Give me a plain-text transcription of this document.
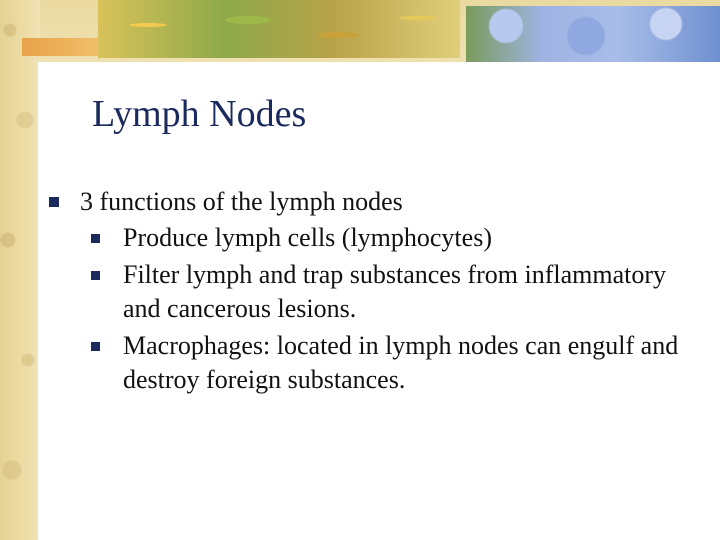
Lymph Nodes
3 functions of the lymph nodes
Produce lymph cells (lymphocytes)
Filter lymph and trap substances from inflammatory and cancerous lesions.
Macrophages: located in lymph nodes can engulf and destroy foreign substances.
